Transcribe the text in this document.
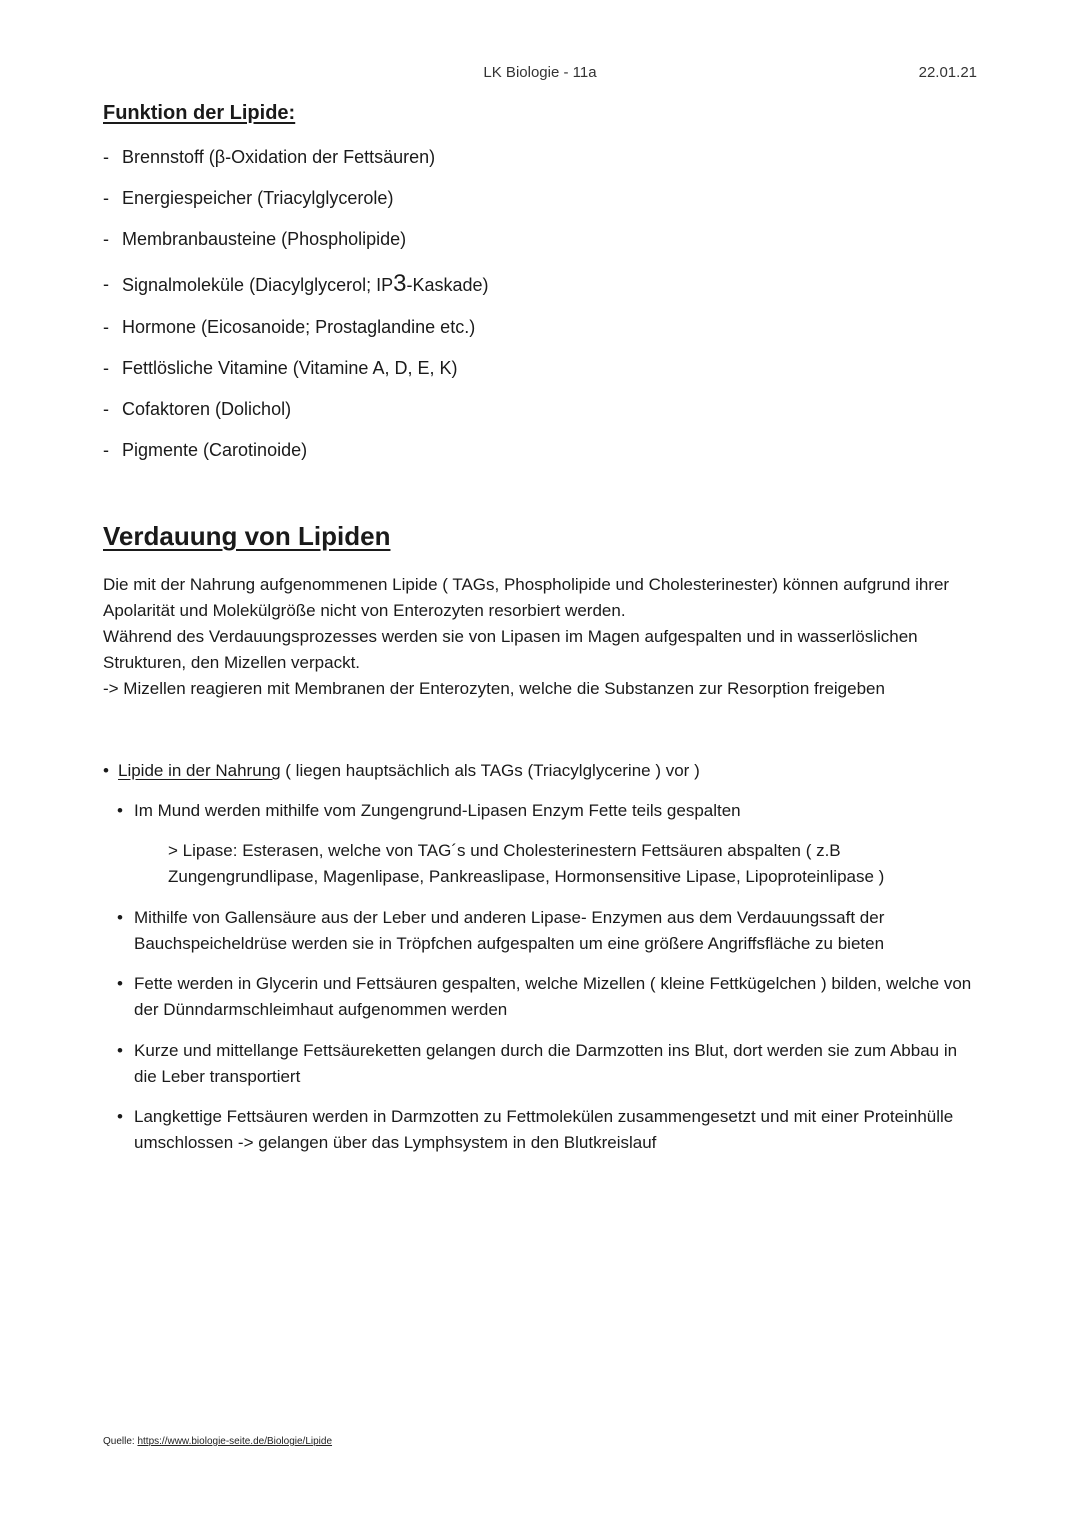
LK Biologie - 11a	22.01.21
Funktion der Lipide:
- Brennstoff (β-Oxidation der Fettsäuren)
- Energiespeicher (Triacylglycerole)
- Membranbausteine (Phospholipide)
- Signalmoleküle (Diacylglycerol; IP3-Kaskade)
- Hormone (Eicosanoide; Prostaglandine etc.)
- Fettlösliche Vitamine (Vitamine A, D, E, K)
- Cofaktoren (Dolichol)
- Pigmente (Carotinoide)
Verdauung von Lipiden

Die mit der Nahrung aufgenommenen Lipide ( TAGs, Phospholipide und Cholesterinester) können aufgrund ihrer Apolarität und Molekülgröße nicht von Enterozyten resorbiert werden.

Während des Verdauungsprozesses werden sie von Lipasen im Magen aufgespalten und in wasserlöslichen Strukturen, den Mizellen verpackt.

-> Mizellen reagieren mit Membranen der Enterozyten, welche die Substanzen zur Resorption freigeben

• Lipide in der Nahrung ( liegen hauptsächlich als TAGs (Triacylglycerine ) vor )
• Im Mund werden mithilfe vom Zungengrund-Lipasen Enzym Fette teils gespalten
> Lipase: Esterasen, welche von TAG´s und Cholesterinestern Fettsäuren abspalten ( z.B Zungengrundlipase, Magenlipase, Pankreaslipase, Hormonsensitive Lipase, Lipoproteinlipase )
• Mithilfe von Gallensäure aus der Leber und anderen Lipase- Enzymen aus dem Verdauungssaft der Bauchspeicheldrüse werden sie in Tröpfchen aufgespalten um eine größere Angriffsfläche zu bieten
• Fette werden in Glycerin und Fettsäuren gespalten, welche Mizellen ( kleine Fettkügelchen ) bilden, welche von der Dünndarmschleimhaut aufgenommen werden
• Kurze und mittellange Fettsäureketten gelangen durch die Darmzotten ins Blut, dort werden sie zum Abbau in die Leber transportiert
• Langkettige Fettsäuren werden in Darmzotten zu Fettmolekülen zusammengesetzt und mit einer Proteinhülle umschlossen -> gelangen über das Lymphsystem in den Blutkreislauf
Quelle: https://www.biologie-seite.de/Biologie/Lipide
